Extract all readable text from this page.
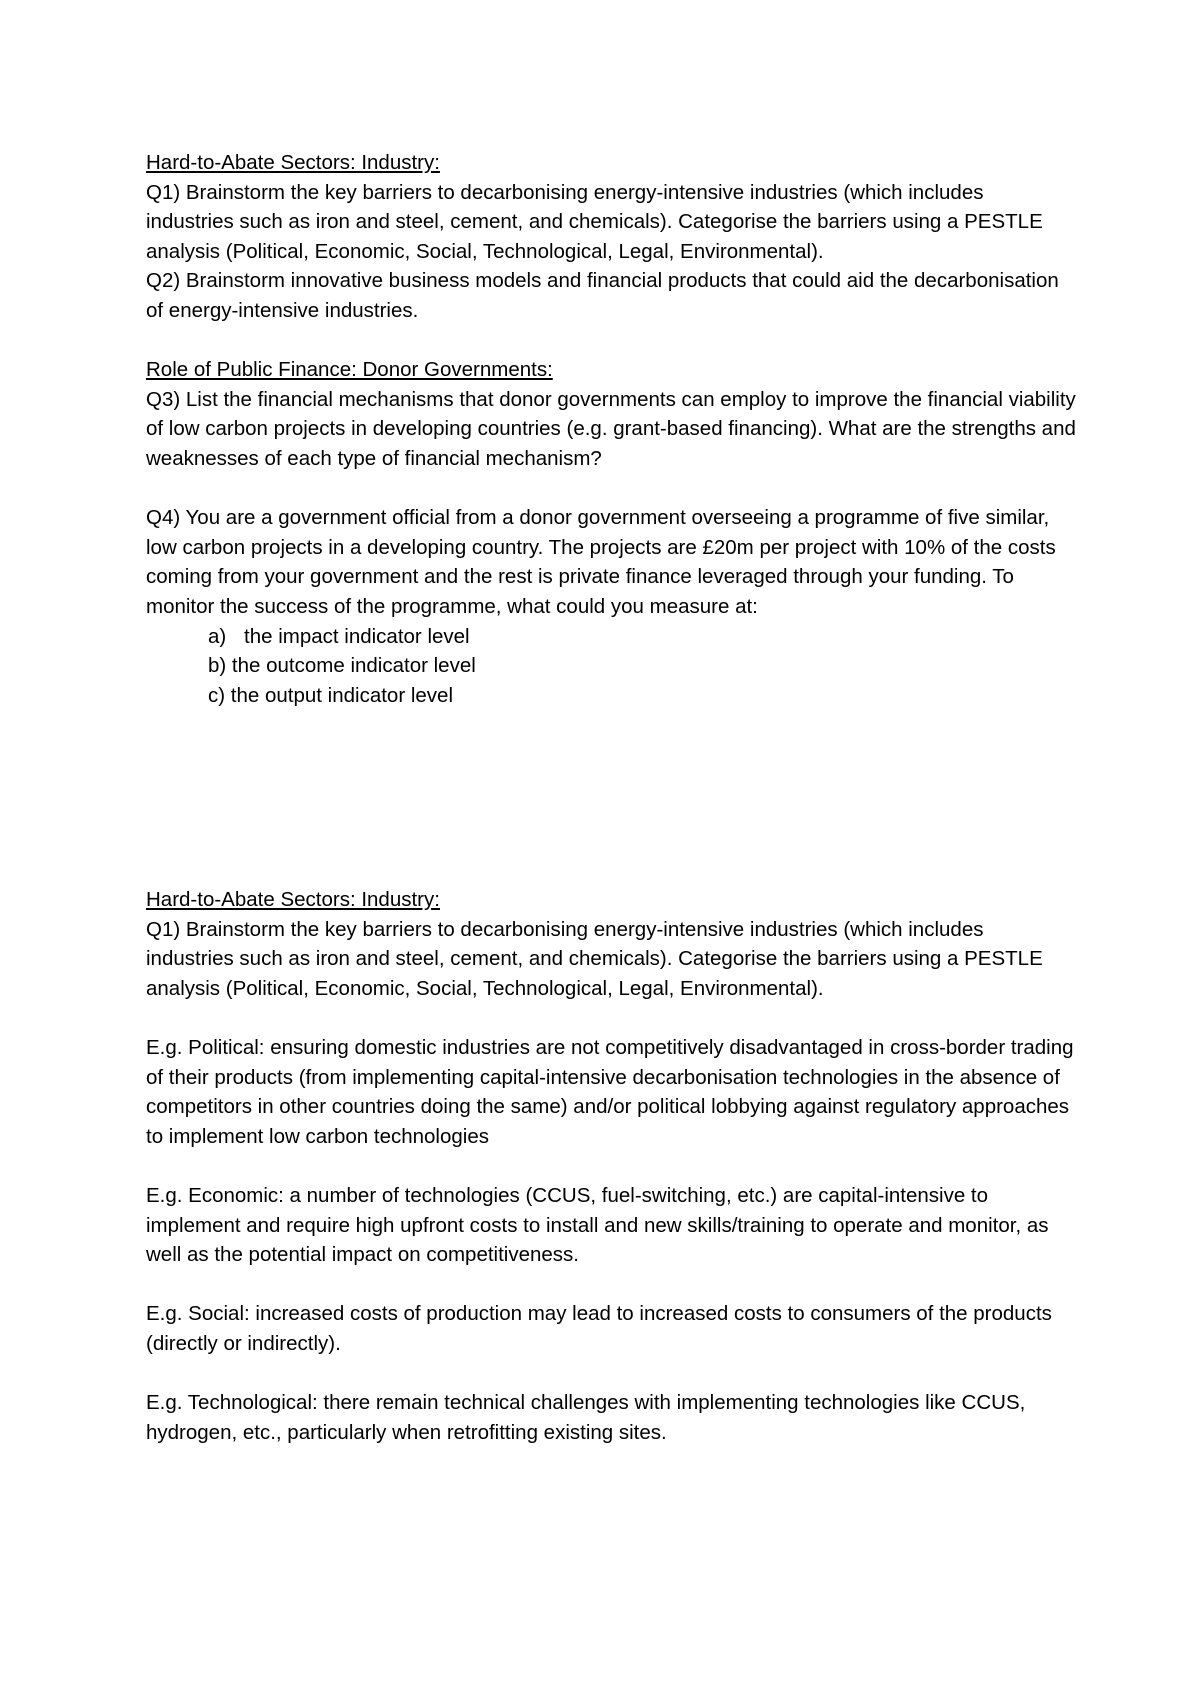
Hard-to-Abate Sectors: Industry:

Q1) Brainstorm the key barriers to decarbonising energy-intensive industries (which includes industries such as iron and steel, cement, and chemicals). Categorise the barriers using a PESTLE analysis (Political, Economic, Social, Technological, Legal, Environmental).

Q2) Brainstorm innovative business models and financial products that could aid the decarbonisation of energy-intensive industries.

Role of Public Finance: Donor Governments:

Q3) List the financial mechanisms that donor governments can employ to improve the financial viability of low carbon projects in developing countries (e.g. grant-based financing). What are the strengths and weaknesses of each type of financial mechanism?

Q4) You are a government official from a donor government overseeing a programme of five similar, low carbon projects in a developing country. The projects are £20m per project with 10% of the costs coming from your government and the rest is private finance leveraged through your funding. To monitor the success of the programme, what could you measure at:

a) the impact indicator level

b) the outcome indicator level

c) the output indicator level

Hard-to-Abate Sectors: Industry:

Q1) Brainstorm the key barriers to decarbonising energy-intensive industries (which includes industries such as iron and steel, cement, and chemicals). Categorise the barriers using a PESTLE analysis (Political, Economic, Social, Technological, Legal, Environmental).

E.g. Political: ensuring domestic industries are not competitively disadvantaged in cross-border trading of their products (from implementing capital-intensive decarbonisation technologies in the absence of competitors in other countries doing the same) and/or political lobbying against regulatory approaches to implement low carbon technologies

E.g. Economic: a number of technologies (CCUS, fuel-switching, etc.) are capital-intensive to implement and require high upfront costs to install and new skills/training to operate and monitor, as well as the potential impact on competitiveness.

E.g. Social: increased costs of production may lead to increased costs to consumers of the products (directly or indirectly).

E.g. Technological: there remain technical challenges with implementing technologies like CCUS, hydrogen, etc., particularly when retrofitting existing sites.
